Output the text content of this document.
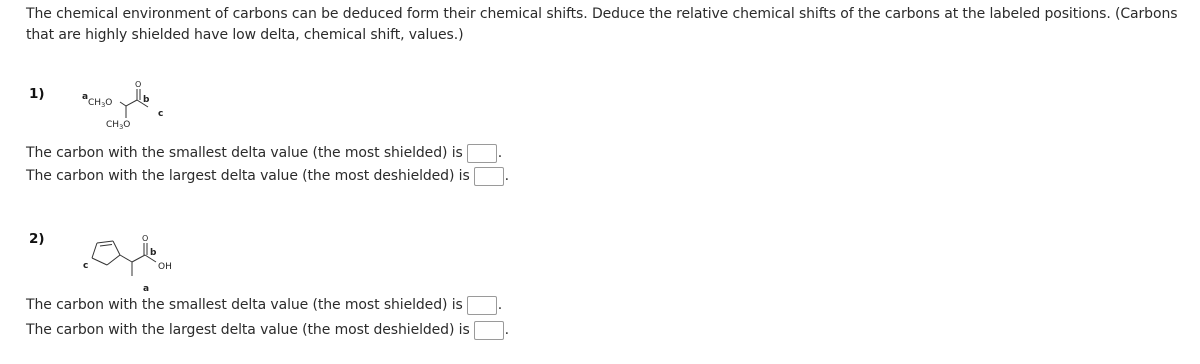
The chemical environment of carbons can be deduced form their chemical shifts. Deduce the relative chemical shifts of the carbons at the labeled positions. (Carbons that are highly shielded have low delta, chemical shift, values.)
1)	a
$CH_3O$
O
b
c
$CH_3O$
The carbon with the smallest delta value (the most shielded) is	.
The carbon with the largest delta value (the most deshielded) is	.
2)
c
a
O
b
OH
The carbon with the smallest delta value (the most shielded) is	.
The carbon with the largest delta value (the most deshielded) is	.
